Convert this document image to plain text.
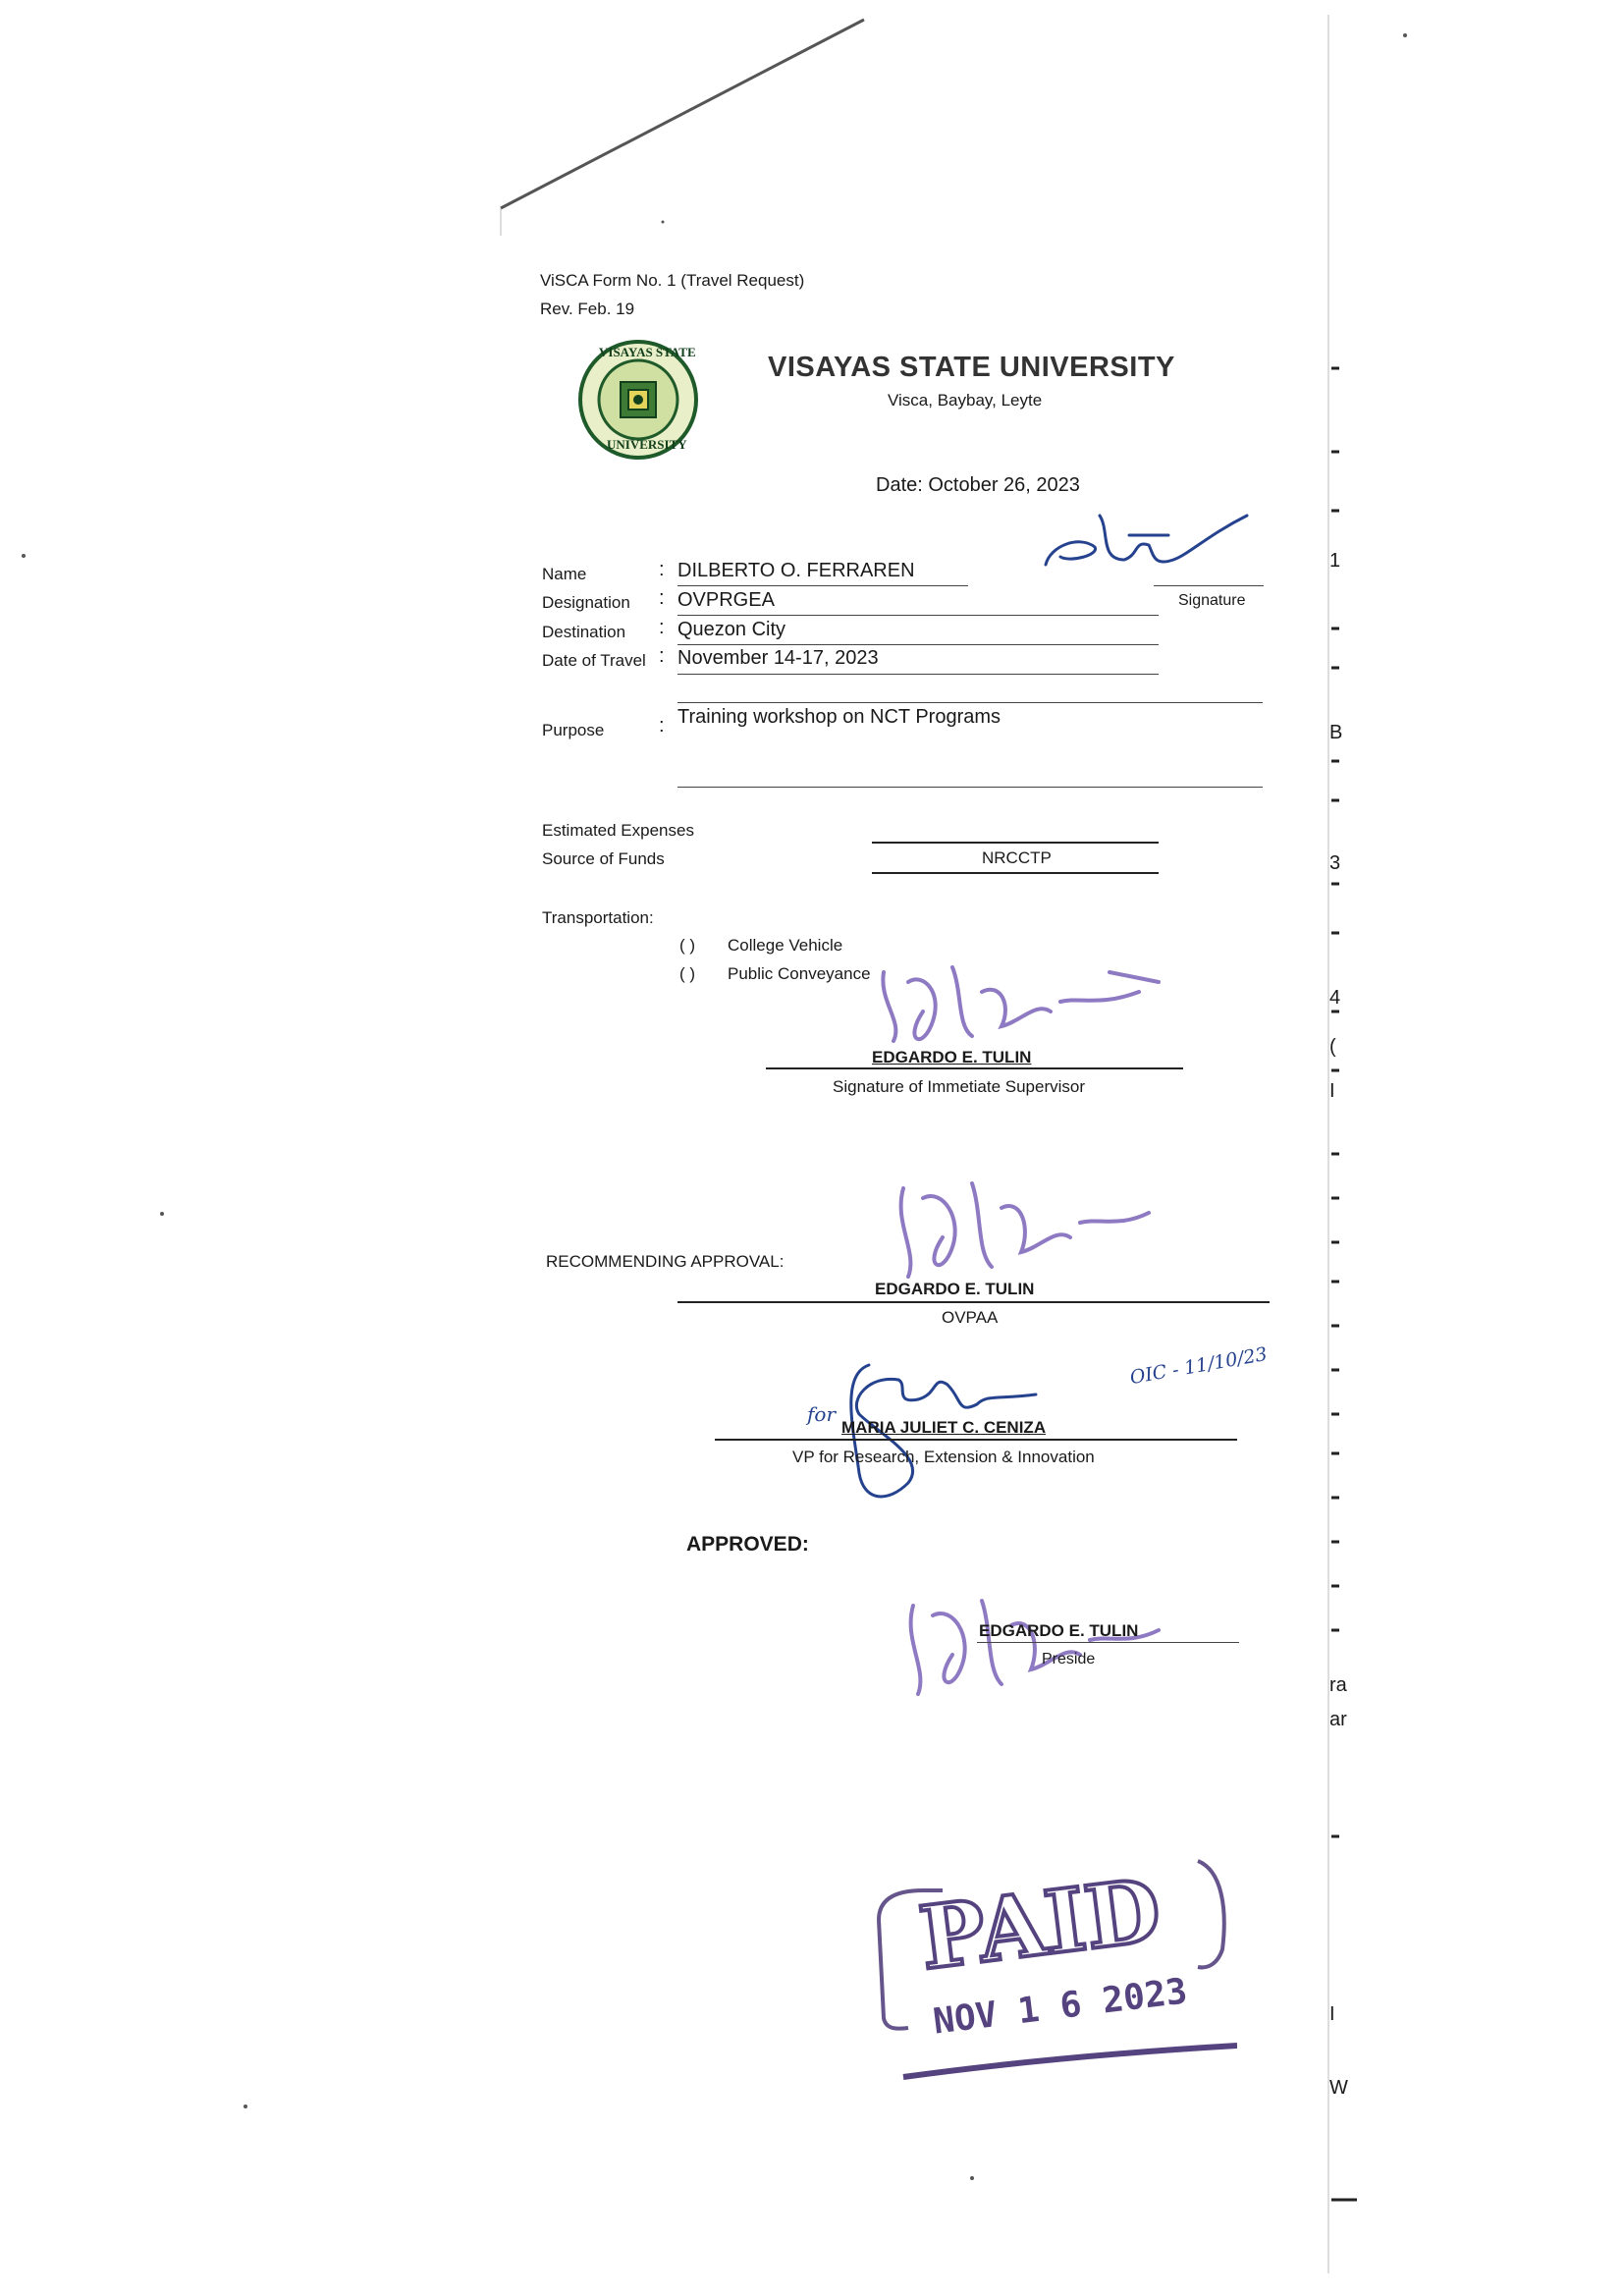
1
B
3
4
(
I
ra
ar
I
W
ViSCA Form No. 1 (Travel Request)
Rev. Feb. 19
VISAYAS STATE
UNIVERSITY
VISAYAS STATE UNIVERSITY
Visca, Baybay, Leyte
Date: October 26, 2023
Signature
Name	: DILBERTO O. FERRAREN
Designation : OVPRGEA
Destination : Quezon City
Date of Travel : November 14-17, 2023
Purpose	: Training workshop on NCT Programs
Estimated Expenses
Source of Funds	NRCCTP
Transportation:
( ) College Vehicle
( ) Public Conveyance
EDGARDO E. TULIN
Signature of Immetiate Supervisor
RECOMMENDING APPROVAL:
EDGARDO E. TULIN
OVPAA
for
OIC - 11/10/23
MARIA JULIET C. CENIZA
VP for Research, Extension & Innovation
APPROVED:
EDGARDO E. TULIN
Preside
PAID
NOV 1 6 2023
